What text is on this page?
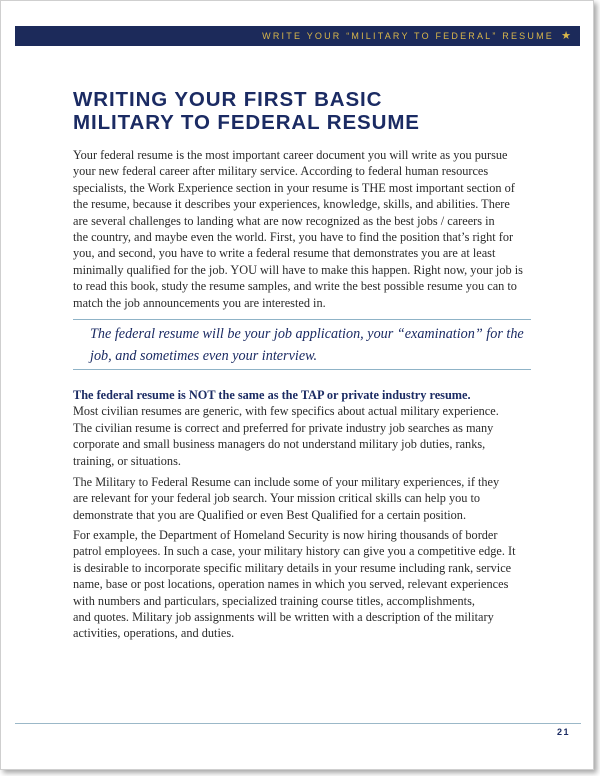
WRITE YOUR “MILITARY TO FEDERAL” RESUME ★
WRITING YOUR FIRST BASIC
MILITARY TO FEDERAL RESUME
Your federal resume is the most important career document you will write as you pursue
your new federal career after military service. According to federal human resources
specialists, the Work Experience section in your resume is THE most important section of
the resume, because it describes your experiences, knowledge, skills, and abilities. There
are several challenges to landing what are now recognized as the best jobs / careers in
the country, and maybe even the world. First, you have to find the position that’s right for
you, and second, you have to write a federal resume that demonstrates you are at least
minimally qualified for the job. YOU will have to make this happen. Right now, your job is
to read this book, study the resume samples, and write the best possible resume you can to
match the job announcements you are interested in.
The federal resume will be your job application, your “examination” for the
job, and sometimes even your interview.
The federal resume is NOT the same as the TAP or private industry resume.
Most civilian resumes are generic, with few specifics about actual military experience.
The civilian resume is correct and preferred for private industry job searches as many
corporate and small business managers do not understand military job duties, ranks,
training, or situations.
The Military to Federal Resume can include some of your military experiences, if they
are relevant for your federal job search. Your mission critical skills can help you to
demonstrate that you are Qualified or even Best Qualified for a certain position.
For example, the Department of Homeland Security is now hiring thousands of border
patrol employees. In such a case, your military history can give you a competitive edge. It
is desirable to incorporate specific military details in your resume including rank, service
name, base or post locations, operation names in which you served, relevant experiences
with numbers and particulars, specialized training course titles, accomplishments,
and quotes. Military job assignments will be written with a description of the military
activities, operations, and duties.
21
